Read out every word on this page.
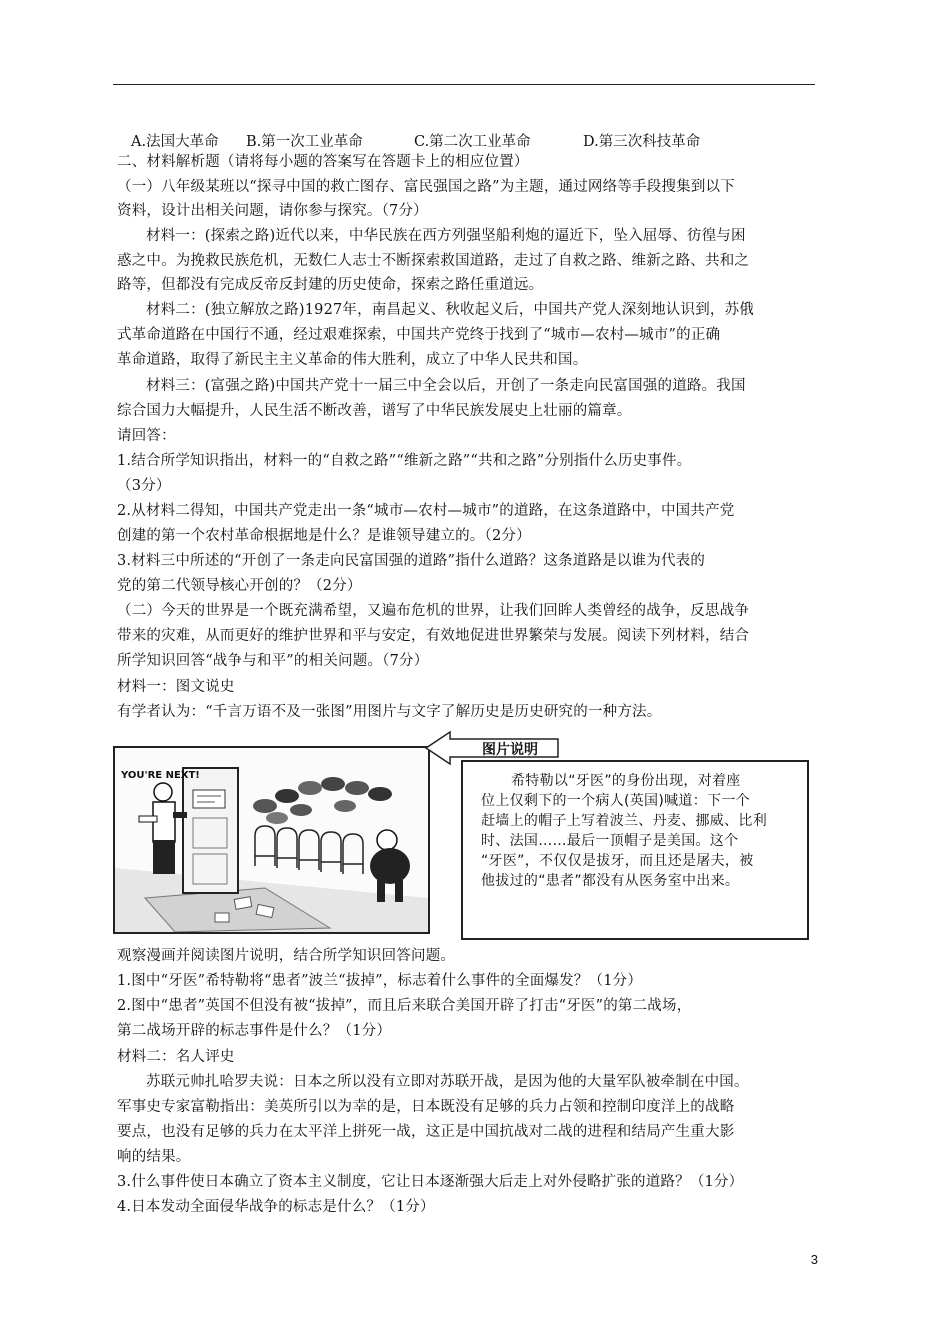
A.法国大革命 B.第一次工业革命	C.第二次工业革命	D.第三次科技革命
二、材料解析题（请将每小题的答案写在答题卡上的相应位置）
（一）八年级某班以“探寻中国的救亡图存、富民强国之路”为主题，通过网络等手段搜集到以下
资料，设计出相关问题，请你参与探究。（7分）
材料一：(探索之路)近代以来，中华民族在西方列强坚船利炮的逼近下，坠入屈辱、彷徨与困
惑之中。为挽救民族危机，无数仁人志士不断探索救国道路，走过了自救之路、维新之路、共和之
路等，但都没有完成反帝反封建的历史使命，探索之路任重道远。
材料二：(独立解放之路)1927年，南昌起义、秋收起义后，中国共产党人深刻地认识到，苏俄
式革命道路在中国行不通，经过艰难探索，中国共产党终于找到了“城市—农村—城市”的正确
革命道路，取得了新民主主义革命的伟大胜利，成立了中华人民共和国。
材料三：(富强之路)中国共产党十一届三中全会以后，开创了一条走向民富国强的道路。我国
综合国力大幅提升，人民生活不断改善，谱写了中华民族发展史上壮丽的篇章。
请回答：
1.结合所学知识指出，材料一的“自救之路”“维新之路”“共和之路”分别指什么历史事件。
（3分）
2.从材料二得知，中国共产党走出一条“城市—农村—城市”的道路，在这条道路中，中国共产党
创建的第一个农村革命根据地是什么？是谁领导建立的。（2分）
3.材料三中所述的“开创了一条走向民富国强的道路”指什么道路？这条道路是以谁为代表的
党的第二代领导核心开创的？（2分）
（二）今天的世界是一个既充满希望，又遍布危机的世界，让我们回眸人类曾经的战争，反思战争
带来的灾难，从而更好的维护世界和平与安定，有效地促进世界繁荣与发展。阅读下列材料，结合
所学知识回答“战争与和平”的相关问题。（7分）
材料一：图文说史
有学者认为：“千言万语不及一张图”用图片与文字了解历史是历史研究的一种方法。
YOU'RE NEXT!
图片说明
希特勒以“牙医”的身份出现，对着座
位上仅剩下的一个病人(英国)喊道：下一个
赶墙上的帽子上写着波兰、丹麦、挪威、比利
时、法国……最后一顶帽子是美国。这个
“牙医”，不仅仅是拔牙，而且还是屠夫，被
他拔过的“患者”都没有从医务室中出来。
观察漫画并阅读图片说明，结合所学知识回答问题。
1.图中“牙医”希特勒将“患者”波兰“拔掉”，标志着什么事件的全面爆发？（1分）
2.图中“患者”英国不但没有被“拔掉”，而且后来联合美国开辟了打击“牙医”的第二战场，
第二战场开辟的标志事件是什么？（1分）
材料二：名人评史
苏联元帅扎哈罗夫说：日本之所以没有立即对苏联开战，是因为他的大量军队被牵制在中国。
军事史专家富勒指出：美英所引以为幸的是，日本既没有足够的兵力占领和控制印度洋上的战略
要点，也没有足够的兵力在太平洋上拼死一战，这正是中国抗战对二战的进程和结局产生重大影
响的结果。
3.什么事件使日本确立了资本主义制度，它让日本逐渐强大后走上对外侵略扩张的道路？（1分）
4.日本发动全面侵华战争的标志是什么？（1分）
3
